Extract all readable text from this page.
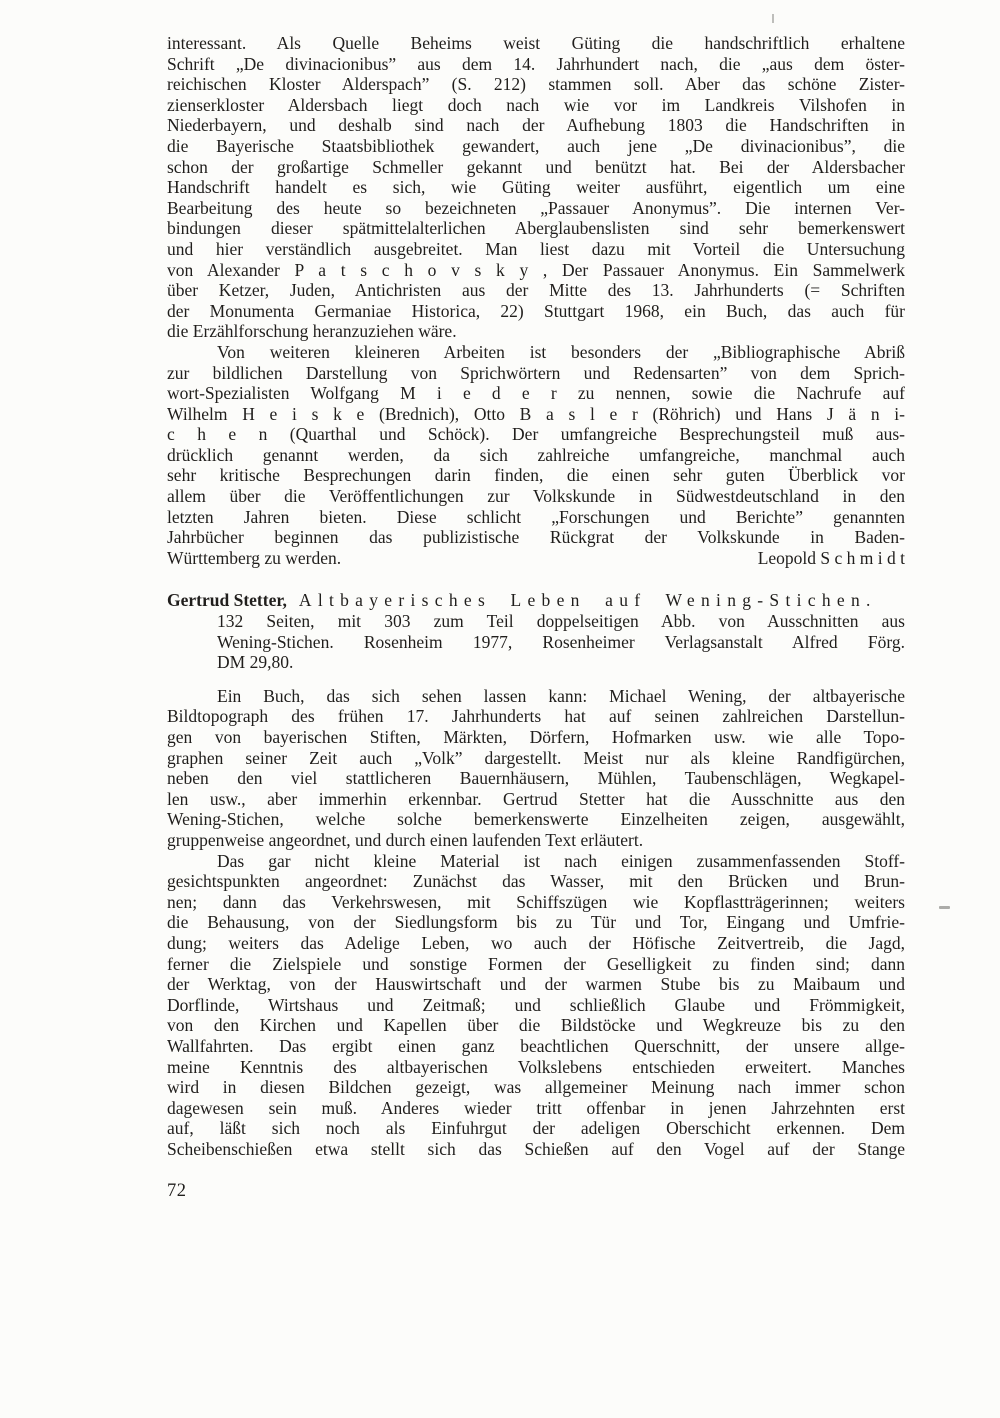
interessant. Als Quelle Beheims weist Güting die handschriftlich erhaltene
Schrift „De divinacionibus” aus dem 14. Jahrhundert nach, die „aus dem öster-
reichischen Kloster Alderspach” (S. 212) stammen soll. Aber das schöne Zister-
zienserkloster Aldersbach liegt doch nach wie vor im Landkreis Vilshofen in
Niederbayern, und deshalb sind nach der Aufhebung 1803 die Handschriften in
die Bayerische Staatsbibliothek gewandert, auch jene „De divinacionibus”, die
schon der großartige Schmeller gekannt und benützt hat. Bei der Aldersbacher
Handschrift handelt es sich, wie Güting weiter ausführt, eigentlich um eine
Bearbeitung des heute so bezeichneten „Passauer Anonymus”. Die internen Ver-
bindungen dieser spätmittelalterlichen Aberglaubenslisten sind sehr bemerkenswert
und hier verständlich ausgebreitet. Man liest dazu mit Vorteil die Untersuchung
von Alexander P a t s c h o v s k y , Der Passauer Anonymus. Ein Sammelwerk
über Ketzer, Juden, Antichristen aus der Mitte des 13. Jahrhunderts (= Schriften
der Monumenta Germaniae Historica, 22) Stuttgart 1968, ein Buch, das auch für
die Erzählforschung heranzuziehen wäre.
Von weiteren kleineren Arbeiten ist besonders der „Bibliographische Abriß
zur bildlichen Darstellung von Sprichwörtern und Redensarten” von dem Sprich-
wort-Spezialisten Wolfgang M i e d e r zu nennen, sowie die Nachrufe auf
Wilhelm H e i s k e (Brednich), Otto B a s l e r (Röhrich) und Hans J ä n i-
c h e n (Quarthal und Schöck). Der umfangreiche Besprechungsteil muß aus-
drücklich genannt werden, da sich zahlreiche umfangreiche, manchmal auch
sehr kritische Besprechungen darin finden, die einen sehr guten Überblick vor
allem über die Veröffentlichungen zur Volkskunde in Südwestdeutschland in den
letzten Jahren bieten. Diese schlicht „Forschungen und Berichte” genannten
Jahrbücher beginnen das publizistische Rückgrat der Volkskunde in Baden-
Württemberg zu werden.	Leopold S c h m i d t
Gertrud Stetter, Altbayerisches Leben auf Wening-Stichen.
132 Seiten, mit 303 zum Teil doppelseitigen Abb. von Ausschnitten aus
Wening-Stichen. Rosenheim 1977, Rosenheimer Verlagsanstalt Alfred Förg.
DM 29,80.
Ein Buch, das sich sehen lassen kann: Michael Wening, der altbayerische
Bildtopograph des frühen 17. Jahrhunderts hat auf seinen zahlreichen Darstellun-
gen von bayerischen Stiften, Märkten, Dörfern, Hofmarken usw. wie alle Topo-
graphen seiner Zeit auch „Volk” dargestellt. Meist nur als kleine Randfigürchen,
neben den viel stattlicheren Bauernhäusern, Mühlen, Taubenschlägen, Wegkapel-
len usw., aber immerhin erkennbar. Gertrud Stetter hat die Ausschnitte aus den
Wening-Stichen, welche solche bemerkenswerte Einzelheiten zeigen, ausgewählt,
gruppenweise angeordnet, und durch einen laufenden Text erläutert.
Das gar nicht kleine Material ist nach einigen zusammenfassenden Stoff-
gesichtspunkten angeordnet: Zunächst das Wasser, mit den Brücken und Brun-
nen; dann das Verkehrswesen, mit Schiffszügen wie Kopflastträgerinnen; weiters
die Behausung, von der Siedlungsform bis zu Tür und Tor, Eingang und Umfrie-
dung; weiters das Adelige Leben, wo auch der Höfische Zeitvertreib, die Jagd,
ferner die Zielspiele und sonstige Formen der Geselligkeit zu finden sind; dann
der Werktag, von der Hauswirtschaft und der warmen Stube bis zu Maibaum und
Dorflinde, Wirtshaus und Zeitmaß; und schließlich Glaube und Frömmigkeit,
von den Kirchen und Kapellen über die Bildstöcke und Wegkreuze bis zu den
Wallfahrten. Das ergibt einen ganz beachtlichen Querschnitt, der unsere allge-
meine Kenntnis des altbayerischen Volkslebens entschieden erweitert. Manches
wird in diesen Bildchen gezeigt, was allgemeiner Meinung nach immer schon
dagewesen sein muß. Anderes wieder tritt offenbar in jenen Jahrzehnten erst
auf, läßt sich noch als Einfuhrgut der adeligen Oberschicht erkennen. Dem
Scheibenschießen etwa stellt sich das Schießen auf den Vogel auf der Stange
72
